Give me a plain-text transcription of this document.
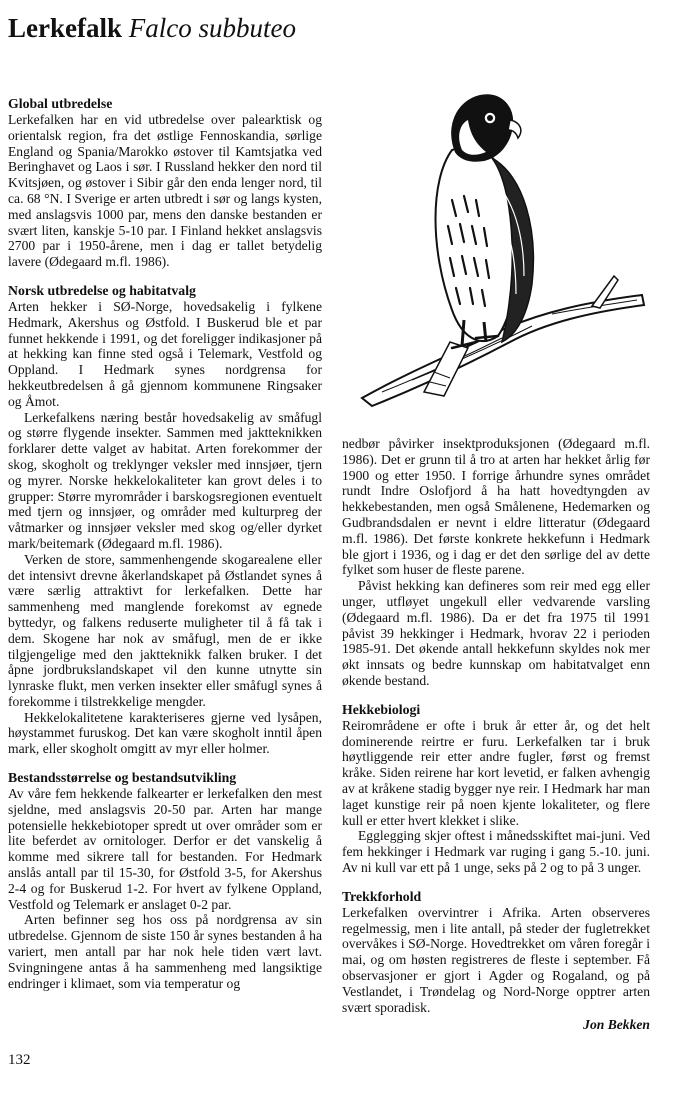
Lerkefalk Falco subbuteo
Global utbredelse

Lerkefalken har en vid utbredelse over palearktisk og orientalsk region, fra det østlige Fennoskandia, sørlige England og Spania/Marokko østover til Kamtsjatka ved Beringhavet og Laos i sør. I Russland hekker den nord til Kvitsjøen, og østover i Sibir går den enda lenger nord, til ca. 68 °N. I Sverige er arten utbredt i sør og langs kysten, med anslagsvis 1000 par, mens den danske bestanden er svært liten, kanskje 5-10 par. I Finland hekket anslagsvis 2700 par i 1950-årene, men i dag er tallet betydelig lavere (Ødegaard m.fl. 1986).

Norsk utbredelse og habitatvalg

Arten hekker i SØ-Norge, hovedsakelig i fylkene Hedmark, Akershus og Østfold. I Buskerud ble et par funnet hekkende i 1991, og det foreligger indikasjoner på at hekking kan finne sted også i Telemark, Vestfold og Oppland. I Hedmark synes nordgrensa for hekkeutbredelsen å gå gjennom kommunene Ringsaker og Åmot.

Lerkefalkens næring består hovedsakelig av småfugl og større flygende insekter. Sammen med jaktteknikken forklarer dette valget av habitat. Arten forekommer der skog, skogholt og treklynger veksler med innsjøer, tjern og myrer. Norske hekkelokaliteter kan grovt deles i to grupper: Større myrområder i barskogsregionen eventuelt med tjern og innsjøer, og områder med kulturpreg der våtmarker og innsjøer veksler med skog og/eller dyrket mark/beitemark (Ødegaard m.fl. 1986).

Verken de store, sammenhengende skogarealene eller det intensivt drevne åkerlandskapet på Østlandet synes å være særlig attraktivt for lerkefalken. Dette har sammenheng med manglende forekomst av egnede byttedyr, og falkens reduserte muligheter til å få tak i dem. Skogene har nok av småfugl, men de er ikke tilgjengelige med den jaktteknikk falken bruker. I det åpne jordbrukslandskapet vil den kunne utnytte sin lynraske flukt, men verken insekter eller småfugl synes å forekomme i tilstrekkelige mengder.

Hekkelokalitetene karakteriseres gjerne ved lysåpen, høystammet furuskog. Det kan være skogholt inntil åpen mark, eller skogholt omgitt av myr eller holmer.

Bestandsstørrelse og bestandsutvikling

Av våre fem hekkende falkearter er lerkefalken den mest sjeldne, med anslagsvis 20-50 par. Arten har mange potensielle hekkebiotoper spredt ut over områder som er lite beferdet av ornitologer. Derfor er det vanskelig å komme med sikrere tall for bestanden. For Hedmark anslås antall par til 15-30, for Østfold 3-5, for Akershus 2-4 og for Buskerud 1-2. For hvert av fylkene Oppland, Vestfold og Telemark er anslaget 0-2 par.

Arten befinner seg hos oss på nordgrensa av sin utbredelse. Gjennom de siste 150 år synes bestanden å ha variert, men antall par har nok hele tiden vært lavt. Svingningene antas å ha sammenheng med langsiktige endringer i klimaet, som via temperatur og

nedbør påvirker insektproduksjonen (Ødegaard m.fl. 1986). Det er grunn til å tro at arten har hekket årlig før 1900 og etter 1950. I forrige århundre synes området rundt Indre Oslofjord å ha hatt hovedtyngden av hekkebestanden, men også Smålenene, Hedemarken og Gudbrandsdalen er nevnt i eldre litteratur (Ødegaard m.fl. 1986). Det første konkrete hekkefunn i Hedmark ble gjort i 1936, og i dag er det den sørlige del av dette fylket som huser de fleste parene.

Påvist hekking kan defineres som reir med egg eller unger, utfløyet ungekull eller vedvarende varsling (Ødegaard m.fl. 1986). Da er det fra 1975 til 1991 påvist 39 hekkinger i Hedmark, hvorav 22 i perioden 1985-91. Det økende antall hekkefunn skyldes nok mer økt innsats og bedre kunnskap om habitatvalget enn økende bestand.

Hekkebiologi

Reirområdene er ofte i bruk år etter år, og det helt dominerende reirtre er furu. Lerkefalken tar i bruk høytliggende reir etter andre fugler, først og fremst kråke. Siden reirene har kort levetid, er falken avhengig av at kråkene stadig bygger nye reir. I Hedmark har man laget kunstige reir på noen kjente lokaliteter, og flere kull er etter hvert klekket i slike.

Egglegging skjer oftest i månedsskiftet mai-juni. Ved fem hekkinger i Hedmark var ruging i gang 5.-10. juni. Av ni kull var ett på 1 unge, seks på 2 og to på 3 unger.

Trekkforhold

Lerkefalken overvintrer i Afrika. Arten observeres regelmessig, men i lite antall, på steder der fugletrekket overvåkes i SØ-Norge. Hovedtrekket om våren foregår i mai, og om høsten registreres de fleste i september. Få observasjoner er gjort i Agder og Rogaland, og på Vestlandet, i Trøndelag og Nord-Norge opptrer arten svært sporadisk.

Jon Bekken
132
